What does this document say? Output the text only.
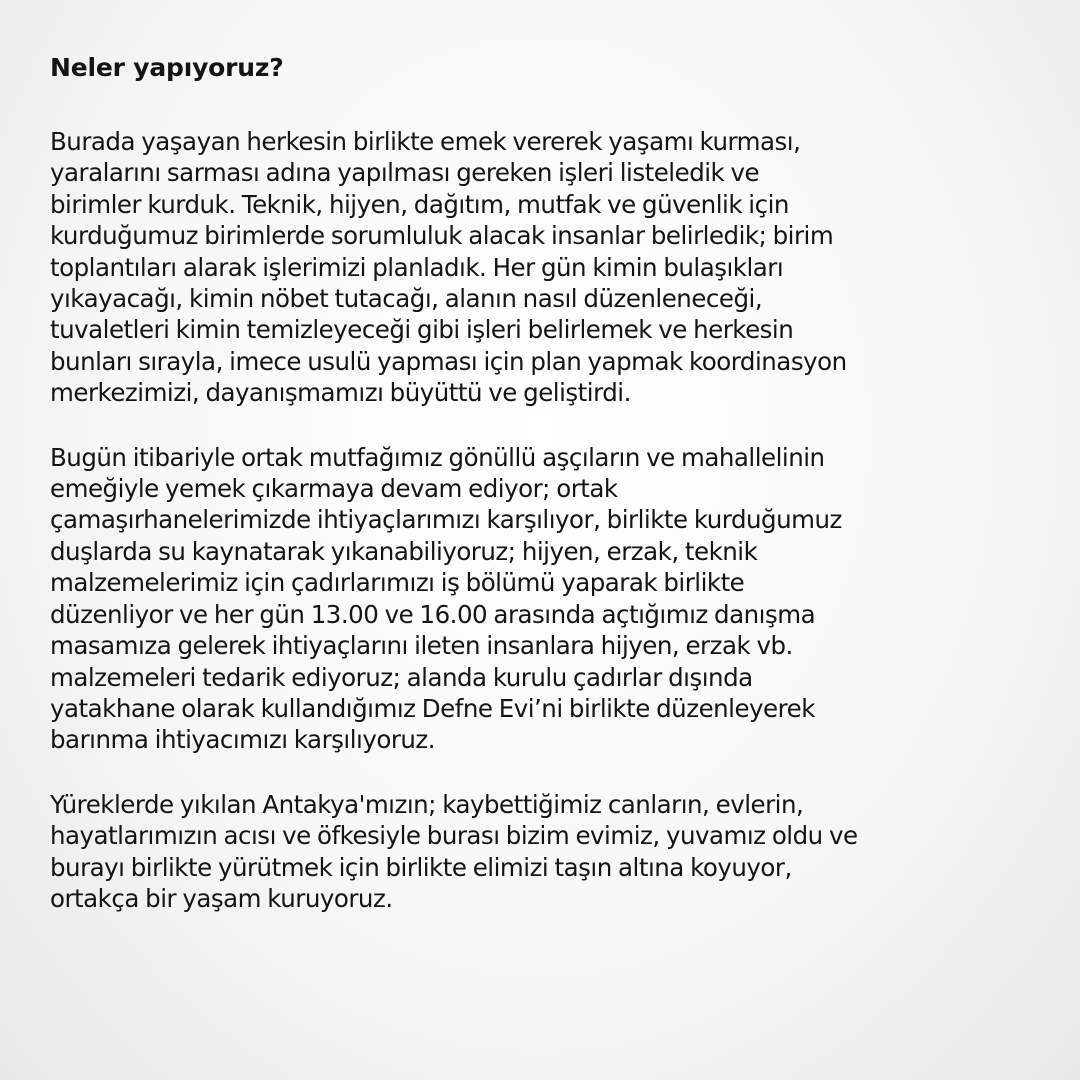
Neler yapıyoruz?

Burada yaşayan herkesin birlikte emek vererek yaşamı kurması,
yaralarını sarması adına yapılması gereken işleri listeledik ve
birimler kurduk. Teknik, hijyen, dağıtım, mutfak ve güvenlik için
kurduğumuz birimlerde sorumluluk alacak insanlar belirledik; birim
toplantıları alarak işlerimizi planladık. Her gün kimin bulaşıkları
yıkayacağı, kimin nöbet tutacağı, alanın nasıl düzenleneceği,
tuvaletleri kimin temizleyeceği gibi işleri belirlemek ve herkesin
bunları sırayla, imece usulü yapması için plan yapmak koordinasyon
merkezimizi, dayanışmamızı büyüttü ve geliştirdi.

Bugün itibariyle ortak mutfağımız gönüllü aşçıların ve mahallelinin
emeğiyle yemek çıkarmaya devam ediyor; ortak
çamaşırhanelerimizde ihtiyaçlarımızı karşılıyor, birlikte kurduğumuz
duşlarda su kaynatarak yıkanabiliyoruz; hijyen, erzak, teknik
malzemelerimiz için çadırlarımızı iş bölümü yaparak birlikte
düzenliyor ve her gün 13.00 ve 16.00 arasında açtığımız danışma
masamıza gelerek ihtiyaçlarını ileten insanlara hijyen, erzak vb.
malzemeleri tedarik ediyoruz; alanda kurulu çadırlar dışında
yatakhane olarak kullandığımız Defne Evi’ni birlikte düzenleyerek
barınma ihtiyacımızı karşılıyoruz.

Yüreklerde yıkılan Antakya'mızın; kaybettiğimiz canların, evlerin,
hayatlarımızın acısı ve öfkesiyle burası bizim evimiz, yuvamız oldu ve
burayı birlikte yürütmek için birlikte elimizi taşın altına koyuyor,
ortakça bir yaşam kuruyoruz.
